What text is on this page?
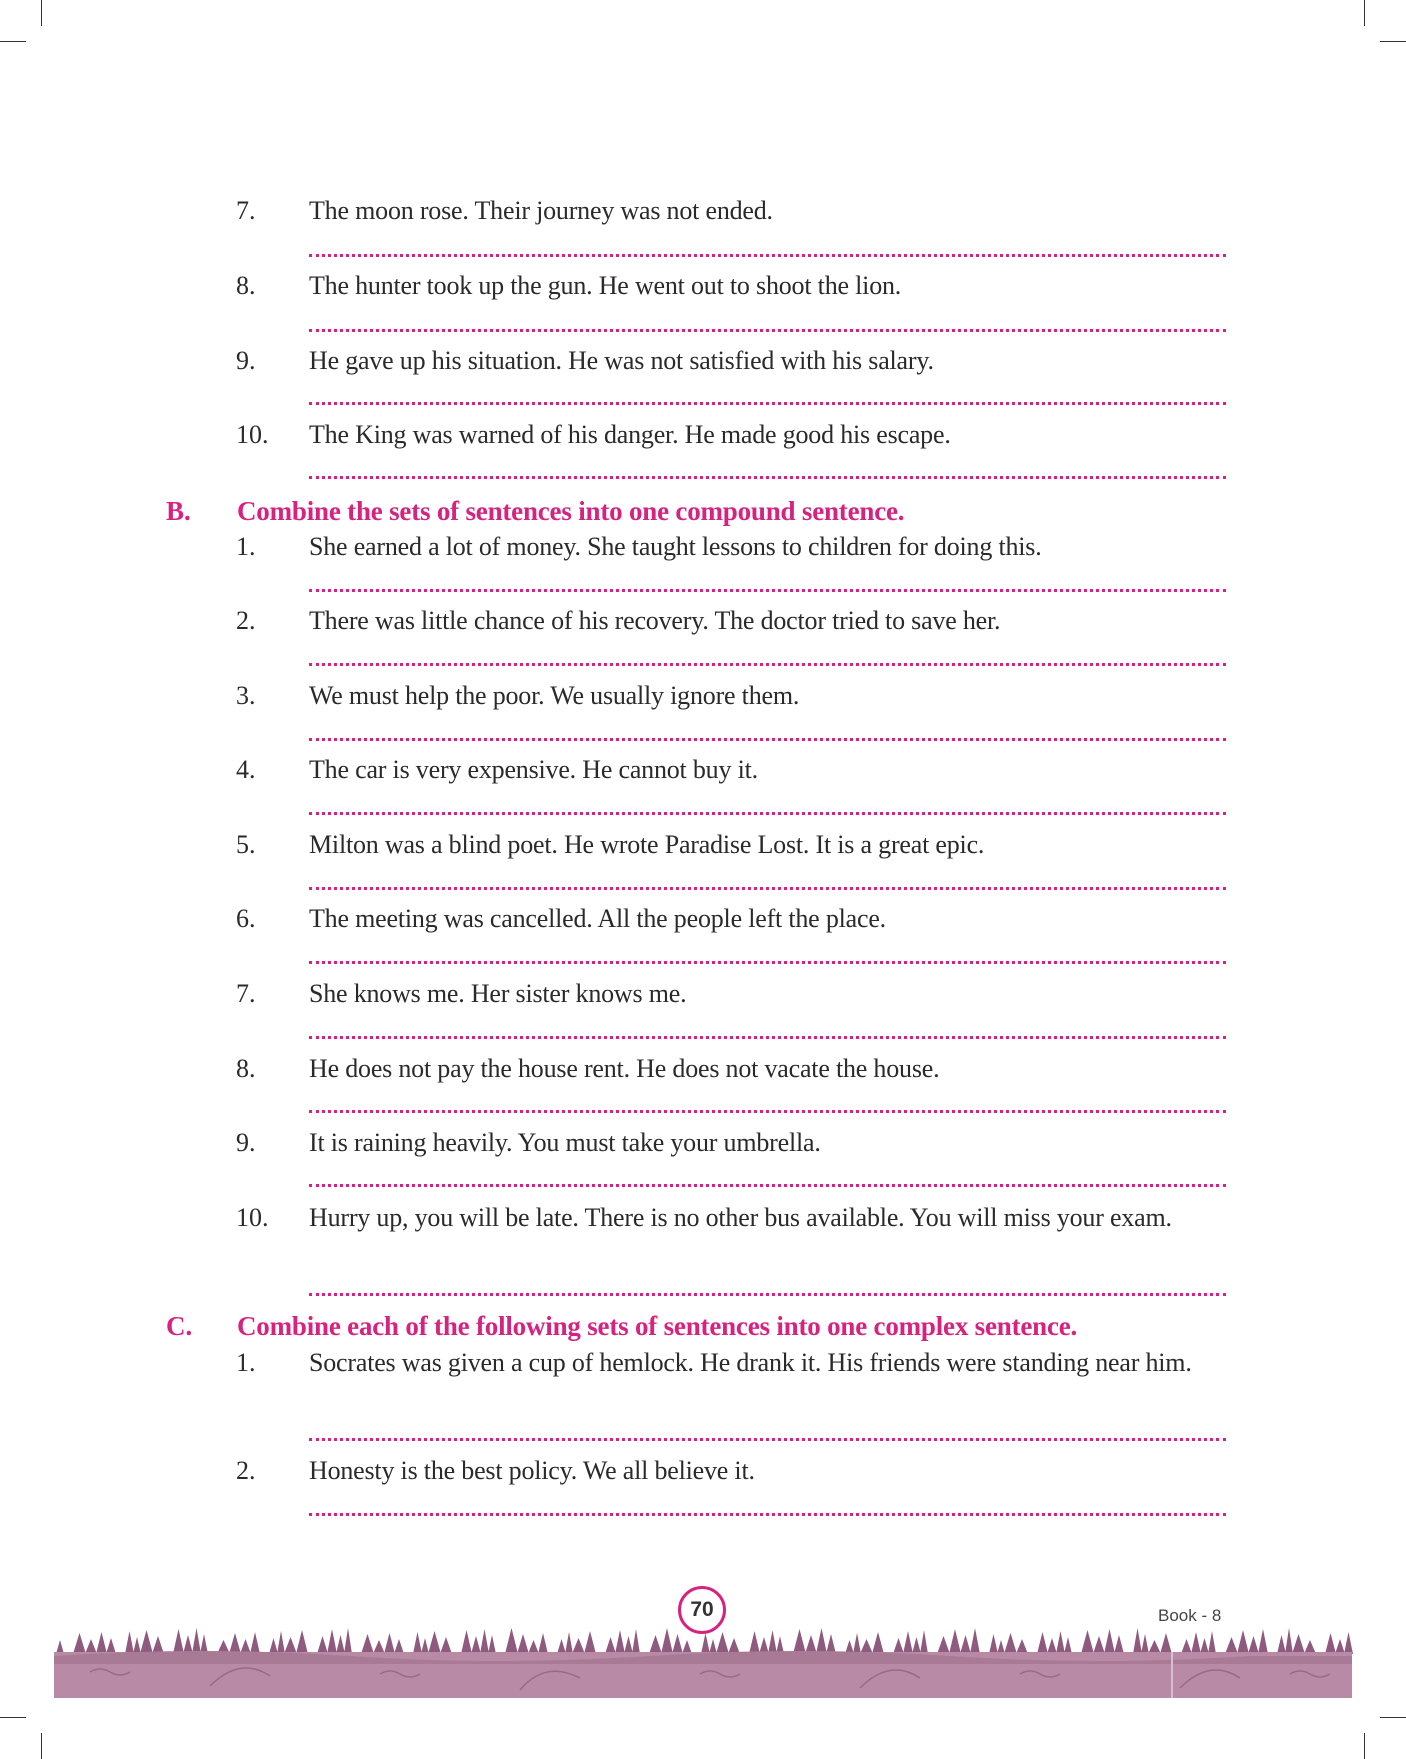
7. The moon rose. Their journey was not ended.
8. The hunter took up the gun. He went out to shoot the lion.
9. He gave up his situation. He was not satisfied with his salary.
10. The King was warned of his danger. He made good his escape.
B. Combine the sets of sentences into one compound sentence.
1. She earned a lot of money. She taught lessons to children for doing this.
2. There was little chance of his recovery. The doctor tried to save her.
3. We must help the poor. We usually ignore them.
4. The car is very expensive. He cannot buy it.
5. Milton was a blind poet. He wrote Paradise Lost. It is a great epic.
6. The meeting was cancelled. All the people left the place.
7. She knows me. Her sister knows me.
8. He does not pay the house rent. He does not vacate the house.
9. It is raining heavily. You must take your umbrella.
10. Hurry up, you will be late. There is no other bus available. You will miss your exam.
C. Combine each of the following sets of sentences into one complex sentence.
1. Socrates was given a cup of hemlock. He drank it. His friends were standing near him.
2. Honesty is the best policy. We all believe it.
70	Book - 8
